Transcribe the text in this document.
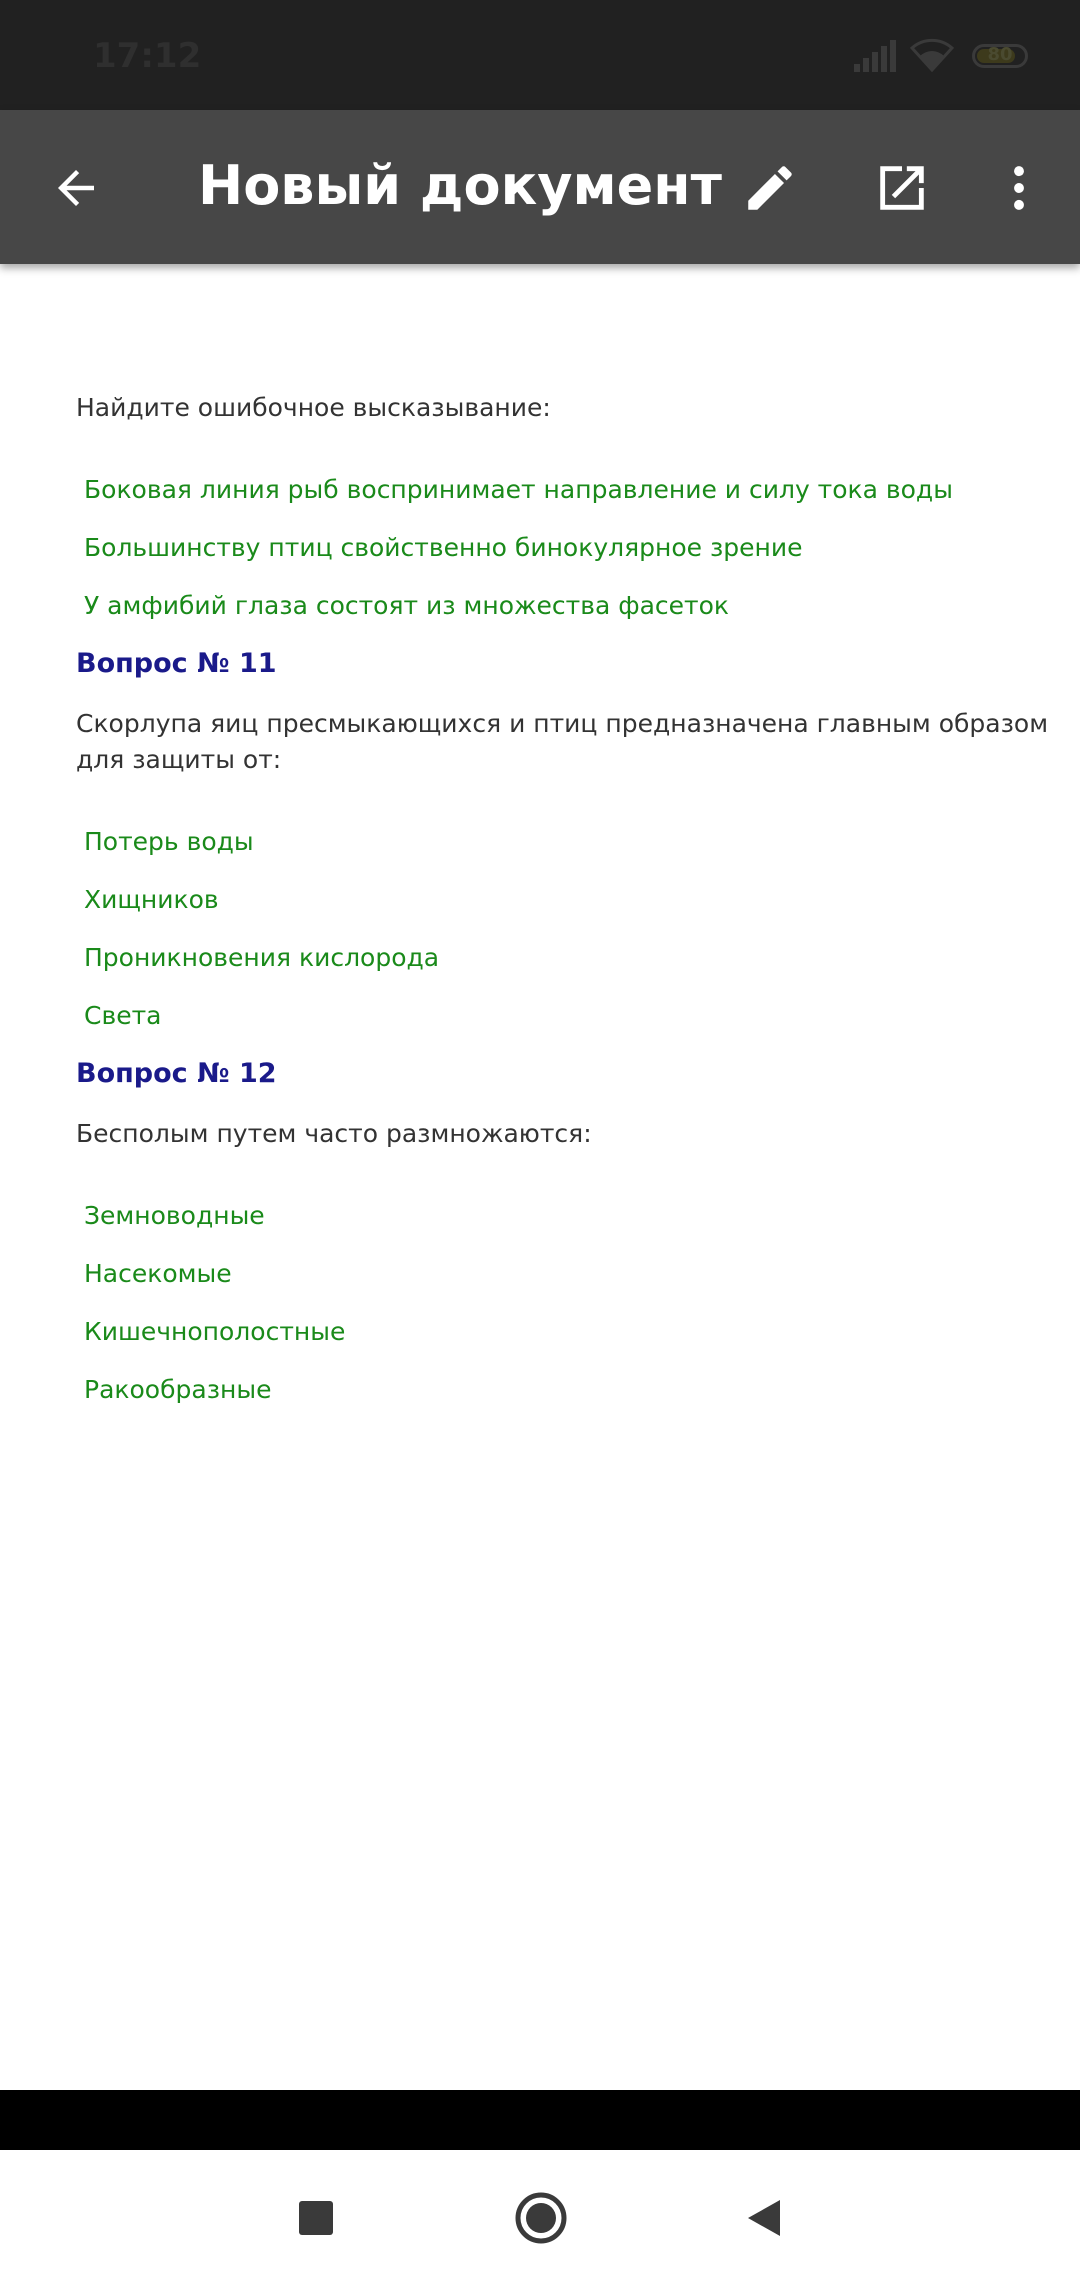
17:12	80
Новый документ

Найдите ошибочное высказывание:

Боковая линия рыб воспринимает направление и силу тока воды
Большинству птиц свойственно бинокулярное зрение
У амфибий глаза состоят из множества фасеток

Вопрос № 11

Скорлупа яиц пресмыкающихся и птиц предназначена главным образом для защиты от:

Потерь воды
Хищников
Проникновения кислорода
Света

Вопрос № 12

Бесполым путем часто размножаются:

Земноводные
Насекомые
Кишечнополостные
Ракообразные
